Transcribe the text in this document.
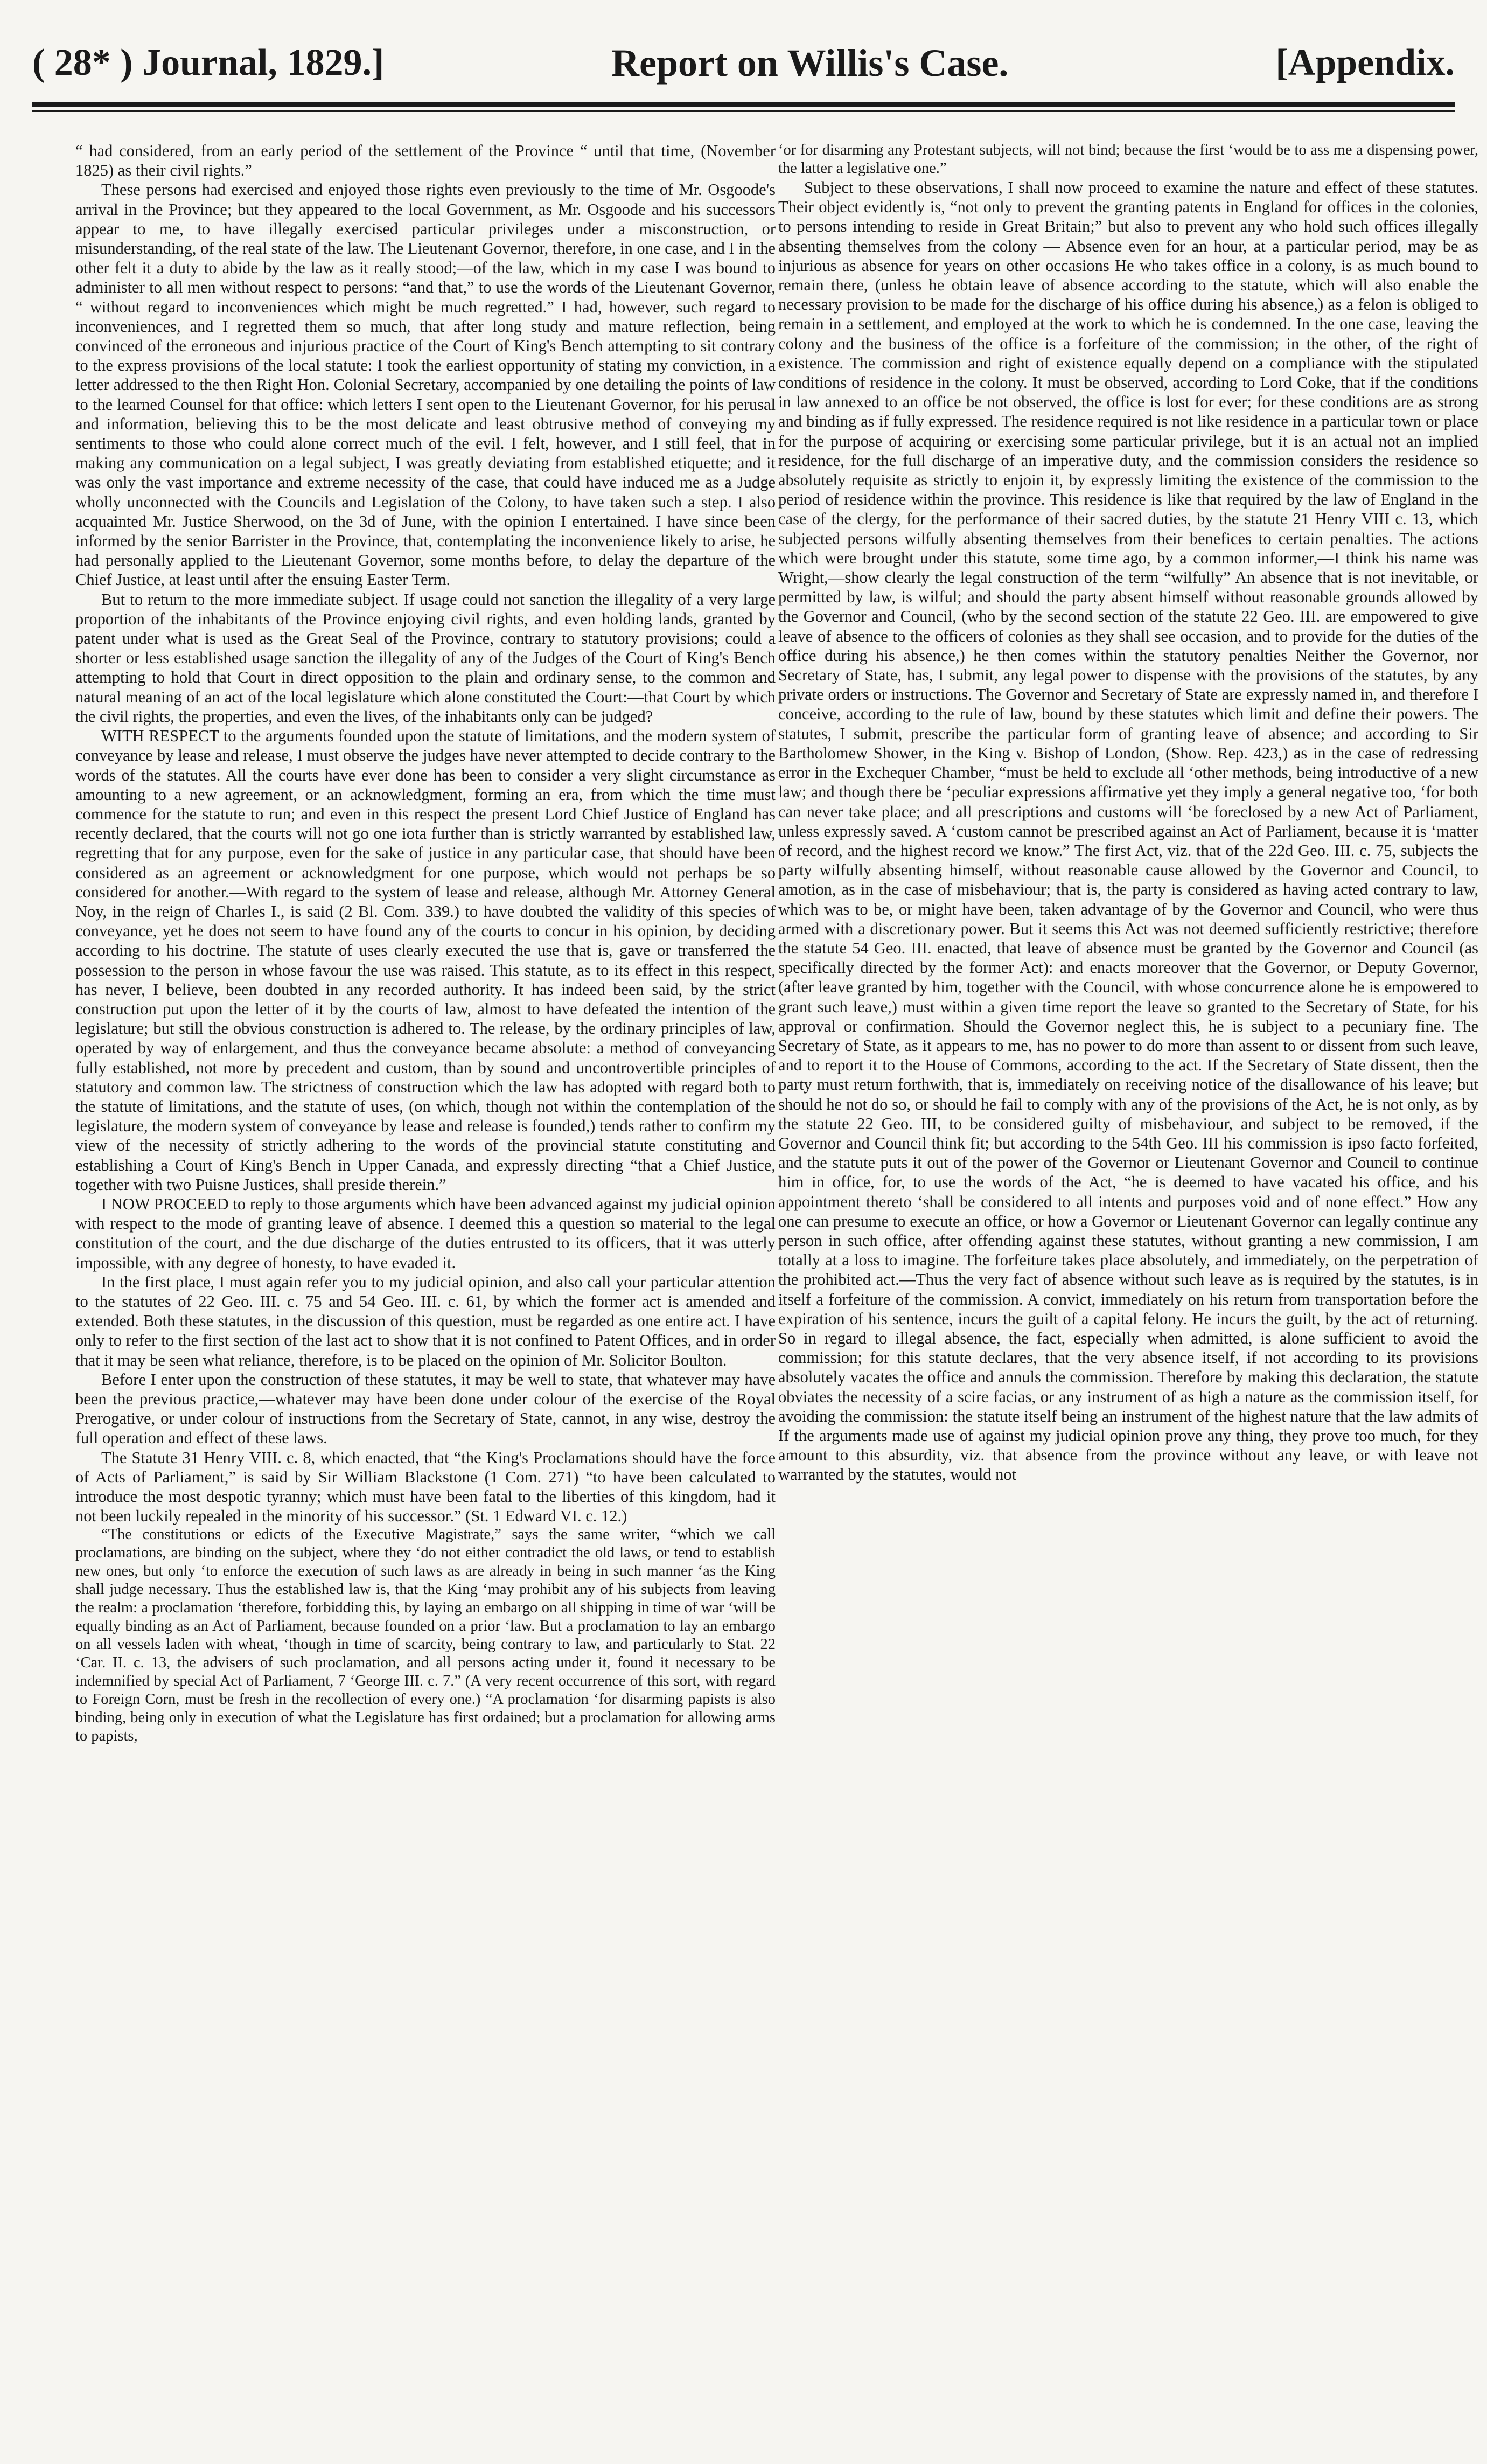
( 28* ) Journal, 1829.]	Report on Willis's Case.	[Appendix.

“ had considered, from an early period of the settlement of the Province “ until that time, (November 1825) as their civil rights.”

These persons had exercised and enjoyed those rights even previously to the time of Mr. Osgoode's arrival in the Province; but they appeared to the local Government, as Mr. Osgoode and his successors appear to me, to have illegally exercised particular privileges under a misconstruction, or misunderstanding, of the real state of the law. The Lieutenant Governor, therefore, in one case, and I in the other felt it a duty to abide by the law as it really stood;—of the law, which in my case I was bound to administer to all men without respect to persons: “and that,” to use the words of the Lieutenant Governor, “ without regard to inconveniences which might be much regretted.” I had, however, such regard to inconveniences, and I regretted them so much, that after long study and mature reflection, being convinced of the erroneous and injurious practice of the Court of King's Bench attempting to sit contrary to the express provisions of the local statute: I took the earliest opportunity of stating my conviction, in a letter addressed to the then Right Hon. Colonial Secretary, accompanied by one detailing the points of law to the learned Counsel for that office: which letters I sent open to the Lieutenant Governor, for his perusal and information, believing this to be the most delicate and least obtrusive method of conveying my sentiments to those who could alone correct much of the evil. I felt, however, and I still feel, that in making any communication on a legal subject, I was greatly deviating from established etiquette; and it was only the vast importance and extreme necessity of the case, that could have induced me as a Judge wholly unconnected with the Councils and Legislation of the Colony, to have taken such a step. I also acquainted Mr. Justice Sherwood, on the 3d of June, with the opinion I entertained. I have since been informed by the senior Barrister in the Province, that, contemplating the inconvenience likely to arise, he had personally applied to the Lieutenant Governor, some months before, to delay the departure of the Chief Justice, at least until after the ensuing Easter Term.

But to return to the more immediate subject. If usage could not sanction the illegality of a very large proportion of the inhabitants of the Province enjoying civil rights, and even holding lands, granted by patent under what is used as the Great Seal of the Province, contrary to statutory provisions; could a shorter or less established usage sanction the illegality of any of the Judges of the Court of King's Bench attempting to hold that Court in direct opposition to the plain and ordinary sense, to the common and natural meaning of an act of the local legislature which alone constituted the Court:—that Court by which the civil rights, the properties, and even the lives, of the inhabitants only can be judged?

WITH RESPECT to the arguments founded upon the statute of limitations, and the modern system of conveyance by lease and release, I must observe the judges have never attempted to decide contrary to the words of the statutes. All the courts have ever done has been to consider a very slight circumstance as amounting to a new agreement, or an acknowledgment, forming an era, from which the time must commence for the statute to run; and even in this respect the present Lord Chief Justice of England has recently declared, that the courts will not go one iota further than is strictly warranted by established law, regretting that for any purpose, even for the sake of justice in any particular case, that should have been considered as an agreement or acknowledgment for one purpose, which would not perhaps be so considered for another.—With regard to the system of lease and release, although Mr. Attorney General Noy, in the reign of Charles I., is said (2 Bl. Com. 339.) to have doubted the validity of this species of conveyance, yet he does not seem to have found any of the courts to concur in his opinion, by deciding according to his doctrine. The statute of uses clearly executed the use that is, gave or transferred the possession to the person in whose favour the use was raised. This statute, as to its effect in this respect, has never, I believe, been doubted in any recorded authority. It has indeed been said, by the strict construction put upon the letter of it by the courts of law, almost to have defeated the intention of the legislature; but still the obvious construction is adhered to. The release, by the ordinary principles of law, operated by way of enlargement, and thus the conveyance became absolute: a method of conveyancing fully established, not more by precedent and custom, than by sound and uncontrovertible principles of statutory and common law. The strictness of construction which the law has adopted with regard both to the statute of limitations, and the statute of uses, (on which, though not within the contemplation of the legislature, the modern system of conveyance by lease and release is founded,) tends rather to confirm my view of the necessity of strictly adhering to the words of the provincial statute constituting and establishing a Court of King's Bench in Upper Canada, and expressly directing “that a Chief Justice, together with two Puisne Justices, shall preside therein.”

I NOW PROCEED to reply to those arguments which have been advanced against my judicial opinion with respect to the mode of granting leave of absence. I deemed this a question so material to the legal constitution of the court, and the due discharge of the duties entrusted to its officers, that it was utterly impossible, with any degree of honesty, to have evaded it.

In the first place, I must again refer you to my judicial opinion, and also call your particular attention to the statutes of 22 Geo. III. c. 75 and 54 Geo. III. c. 61, by which the former act is amended and extended. Both these statutes, in the discussion of this question, must be regarded as one entire act. I have only to refer to the first section of the last act to show that it is not confined to Patent Offices, and in order that it may be seen what reliance, therefore, is to be placed on the opinion of Mr. Solicitor Boulton.

Before I enter upon the construction of these statutes, it may be well to state, that whatever may have been the previous practice,—whatever may have been done under colour of the exercise of the Royal Prerogative, or under colour of instructions from the Secretary of State, cannot, in any wise, destroy the full operation and effect of these laws.

The Statute 31 Henry VIII. c. 8, which enacted, that “the King's Proclamations should have the force of Acts of Parliament,” is said by Sir William Blackstone (1 Com. 271) “to have been calculated to introduce the most despotic tyranny; which must have been fatal to the liberties of this kingdom, had it not been luckily repealed in the minority of his successor.” (St. 1 Edward VI. c. 12.)

“The constitutions or edicts of the Executive Magistrate,” says the same writer, “which we call proclamations, are binding on the subject, where they ‘do not either contradict the old laws, or tend to establish new ones, but only ‘to enforce the execution of such laws as are already in being in such manner ‘as the King shall judge necessary. Thus the established law is, that the King ‘may prohibit any of his subjects from leaving the realm: a proclamation ‘therefore, forbidding this, by laying an embargo on all shipping in time of war ‘will be equally binding as an Act of Parliament, because founded on a prior ‘law. But a proclamation to lay an embargo on all vessels laden with wheat, ‘though in time of scarcity, being contrary to law, and particularly to Stat. 22 ‘Car. II. c. 13, the advisers of such proclamation, and all persons acting under it, found it necessary to be indemnified by special Act of Parliament, 7 ‘George III. c. 7.” (A very recent occurrence of this sort, with regard to Foreign Corn, must be fresh in the recollection of every one.) “A proclamation ‘for disarming papists is also binding, being only in execution of what the Legislature has first ordained; but a proclamation for allowing arms to papists,

‘or for disarming any Protestant subjects, will not bind; because the first ‘would be to ass me a dispensing power, the latter a legislative one.”

Subject to these observations, I shall now proceed to examine the nature and effect of these statutes. Their object evidently is, “not only to prevent the granting patents in England for offices in the colonies, to persons intending to reside in Great Britain;” but also to prevent any who hold such offices illegally absenting themselves from the colony — Absence even for an hour, at a particular period, may be as injurious as absence for years on other occasions He who takes office in a colony, is as much bound to remain there, (unless he obtain leave of absence according to the statute, which will also enable the necessary provision to be made for the discharge of his office during his absence,) as a felon is obliged to remain in a settlement, and employed at the work to which he is condemned. In the one case, leaving the colony and the business of the office is a forfeiture of the commission; in the other, of the right of existence. The commission and right of existence equally depend on a compliance with the stipulated conditions of residence in the colony. It must be observed, according to Lord Coke, that if the conditions in law annexed to an office be not observed, the office is lost for ever; for these conditions are as strong and binding as if fully expressed. The residence required is not like residence in a particular town or place for the purpose of acquiring or exercising some particular privilege, but it is an actual not an implied residence, for the full discharge of an imperative duty, and the commission considers the residence so absolutely requisite as strictly to enjoin it, by expressly limiting the existence of the commission to the period of residence within the province. This residence is like that required by the law of England in the case of the clergy, for the performance of their sacred duties, by the statute 21 Henry VIII c. 13, which subjected persons wilfully absenting themselves from their benefices to certain penalties. The actions which were brought under this statute, some time ago, by a common informer,—I think his name was Wright,—show clearly the legal construction of the term “wilfully” An absence that is not inevitable, or permitted by law, is wilful; and should the party absent himself without reasonable grounds allowed by the Governor and Council, (who by the second section of the statute 22 Geo. III. are empowered to give leave of absence to the officers of colonies as they shall see occasion, and to provide for the duties of the office during his absence,) he then comes within the statutory penalties Neither the Governor, nor Secretary of State, has, I submit, any legal power to dispense with the provisions of the statutes, by any private orders or instructions. The Governor and Secretary of State are expressly named in, and therefore I conceive, according to the rule of law, bound by these statutes which limit and define their powers. The statutes, I submit, prescribe the particular form of granting leave of absence; and according to Sir Bartholomew Shower, in the King v. Bishop of London, (Show. Rep. 423,) as in the case of redressing error in the Exchequer Chamber, “must be held to exclude all ‘other methods, being introductive of a new law; and though there be ‘peculiar expressions affirmative yet they imply a general negative too, ‘for both can never take place; and all prescriptions and customs will ‘be foreclosed by a new Act of Parliament, unless expressly saved. A ‘custom cannot be prescribed against an Act of Parliament, because it is ‘matter of record, and the highest record we know.” The first Act, viz. that of the 22d Geo. III. c. 75, subjects the party wilfully absenting himself, without reasonable cause allowed by the Governor and Council, to amotion, as in the case of misbehaviour; that is, the party is considered as having acted contrary to law, which was to be, or might have been, taken advantage of by the Governor and Council, who were thus armed with a discretionary power. But it seems this Act was not deemed sufficiently restrictive; therefore the statute 54 Geo. III. enacted, that leave of absence must be granted by the Governor and Council (as specifically directed by the former Act): and enacts moreover that the Governor, or Deputy Governor, (after leave granted by him, together with the Council, with whose concurrence alone he is empowered to grant such leave,) must within a given time report the leave so granted to the Secretary of State, for his approval or confirmation. Should the Governor neglect this, he is subject to a pecuniary fine. The Secretary of State, as it appears to me, has no power to do more than assent to or dissent from such leave, and to report it to the House of Commons, according to the act. If the Secretary of State dissent, then the party must return forthwith, that is, immediately on receiving notice of the disallowance of his leave; but should he not do so, or should he fail to comply with any of the provisions of the Act, he is not only, as by the statute 22 Geo. III, to be considered guilty of misbehaviour, and subject to be removed, if the Governor and Council think fit; but according to the 54th Geo. III his commission is ipso facto forfeited, and the statute puts it out of the power of the Governor or Lieutenant Governor and Council to continue him in office, for, to use the words of the Act, “he is deemed to have vacated his office, and his appointment thereto ‘shall be considered to all intents and purposes void and of none effect.” How any one can presume to execute an office, or how a Governor or Lieutenant Governor can legally continue any person in such office, after offending against these statutes, without granting a new commission, I am totally at a loss to imagine. The forfeiture takes place absolutely, and immediately, on the perpetration of the prohibited act.—Thus the very fact of absence without such leave as is required by the statutes, is in itself a forfeiture of the commission. A convict, immediately on his return from transportation before the expiration of his sentence, incurs the guilt of a capital felony. He incurs the guilt, by the act of returning. So in regard to illegal absence, the fact, especially when admitted, is alone sufficient to avoid the commission; for this statute declares, that the very absence itself, if not according to its provisions absolutely vacates the office and annuls the commission. Therefore by making this declaration, the statute obviates the necessity of a scire facias, or any instrument of as high a nature as the commission itself, for avoiding the commission: the statute itself being an instrument of the highest nature that the law admits of If the arguments made use of against my judicial opinion prove any thing, they prove too much, for they amount to this absurdity, viz. that absence from the province without any leave, or with leave not warranted by the statutes, would not
